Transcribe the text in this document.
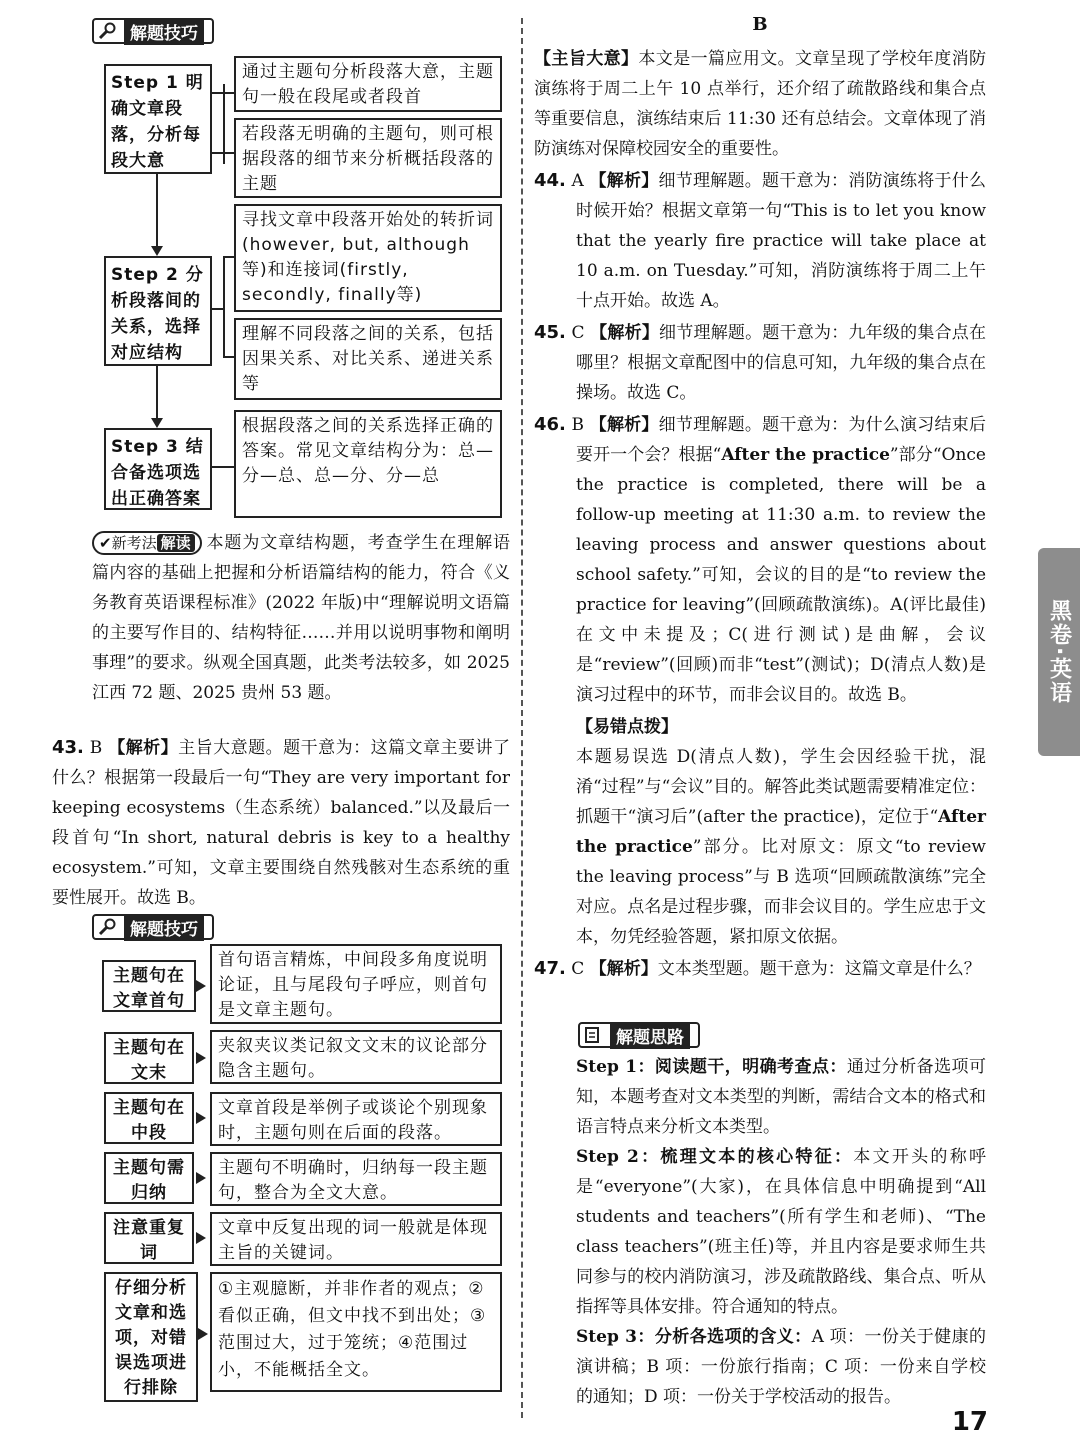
黑卷·英语
解题技巧
Step 1 明确文章段落，分析每段大意
通过主题句分析段落大意，主题句一般在段尾或者段首
若段落无明确的主题句，则可根据段落的细节来分析概括段落的主题
Step 2 分析段落间的关系，选择对应结构
寻找文章中段落开始处的转折词(however, but, although 等)和连接词(firstly, secondly, finally等)
理解不同段落之间的关系，包括因果关系、对比关系、递进关系等
Step 3 结合备选项选出正确答案
根据段落之间的关系选择正确的答案。常见文章结构分为：总—分—总、总—分、分—总
✔新考法 解读 本题为文章结构题，考查学生在理解语篇内容的基础上把握和分析语篇结构的能力，符合《义务教育英语课程标准》(2022 年版)中“理解说明文语篇的主要写作目的、结构特征……并用以说明事物和阐明事理”的要求。纵观全国真题，此类考法较多，如 2025 江西 72 题、2025 贵州 53 题。
43. B 【解析】主旨大意题。题干意为：这篇文章主要讲了什么？根据第一段最后一句“They are very important for keeping ecosystems（生态系统）balanced.”以及最后一段首句“In short, natural debris is key to a healthy ecosystem.”可知，文章主要围绕自然残骸对生态系统的重要性展开。故选 B。
解题技巧
主题句在文章首句
首句语言精炼，中间段多角度说明论证，且与尾段句子呼应，则首句是文章主题句。
主题句在文末
夹叙夹议类记叙文文末的议论部分隐含主题句。
主题句在中段
文章首段是举例子或谈论个别现象时，主题句则在后面的段落。
主题句需归纳
主题句不明确时，归纳每一段主题句，整合为全文大意。
注意重复词
文章中反复出现的词一般就是体现主旨的关键词。
仔细分析文章和选项，对错误选项进行排除
①主观臆断，并非作者的观点；②看似正确，但文中找不到出处；③范围过大，过于笼统；④范围过小，不能概括全文。
B
【主旨大意】本文是一篇应用文。文章呈现了学校年度消防演练将于周二上午 10 点举行，还介绍了疏散路线和集合点等重要信息，演练结束后 11:30 还有总结会。文章体现了消防演练对保障校园安全的重要性。
44. A 【解析】细节理解题。题干意为：消防演练将于什么时候开始？根据文章第一句“This is to let you know that the yearly fire practice will take place at 10 a.m. on Tuesday.”可知，消防演练将于周二上午十点开始。故选 A。
45. C 【解析】细节理解题。题干意为：九年级的集合点在哪里？根据文章配图中的信息可知，九年级的集合点在操场。故选 C。
46. B 【解析】细节理解题。题干意为：为什么演习结束后要开一个会？根据“After the practice”部分“Once the practice is completed, there will be a follow-up meeting at 11:30 a.m. to review the leaving process and answer questions about school safety.”可知，会议的目的是“to review the practice for leaving”(回顾疏散演练)。A(评比最佳)在文中未提及；C(进行测试)是曲解，会议是“review”(回顾)而非“test”(测试)；D(清点人数)是演习过程中的环节，而非会议目的。故选 B。

【易错点拨】

本题易误选 D(清点人数)，学生会因经验干扰，混淆“过程”与“会议”目的。解答此类试题需要精准定位：抓题干“演习后”(after the practice)，定位于“After the practice”部分。比对原文：原文“to review the leaving process”与 B 选项“回顾疏散演练”完全对应。点名是过程步骤，而非会议目的。学生应忠于文本，勿凭经验答题，紧扣原文依据。

47. C 【解析】文本类型题。题干意为：这篇文章是什么？
解题思路

Step 1：阅读题干，明确考查点：通过分析备选项可知，本题考查对文本类型的判断，需结合文本的格式和语言特点来分析文本类型。

Step 2：梳理文本的核心特征：本文开头的称呼是“everyone”(大家)，在具体信息中明确提到“All students and teachers”(所有学生和老师)、“The class teachers”(班主任)等，并且内容是要求师生共同参与的校内消防演习，涉及疏散路线、集合点、听从指挥等具体安排。符合通知的特点。

Step 3：分析各选项的含义：A 项：一份关于健康的演讲稿；B 项：一份旅行指南；C 项：一份来自学校的通知；D 项：一份关于学校活动的报告。

17
